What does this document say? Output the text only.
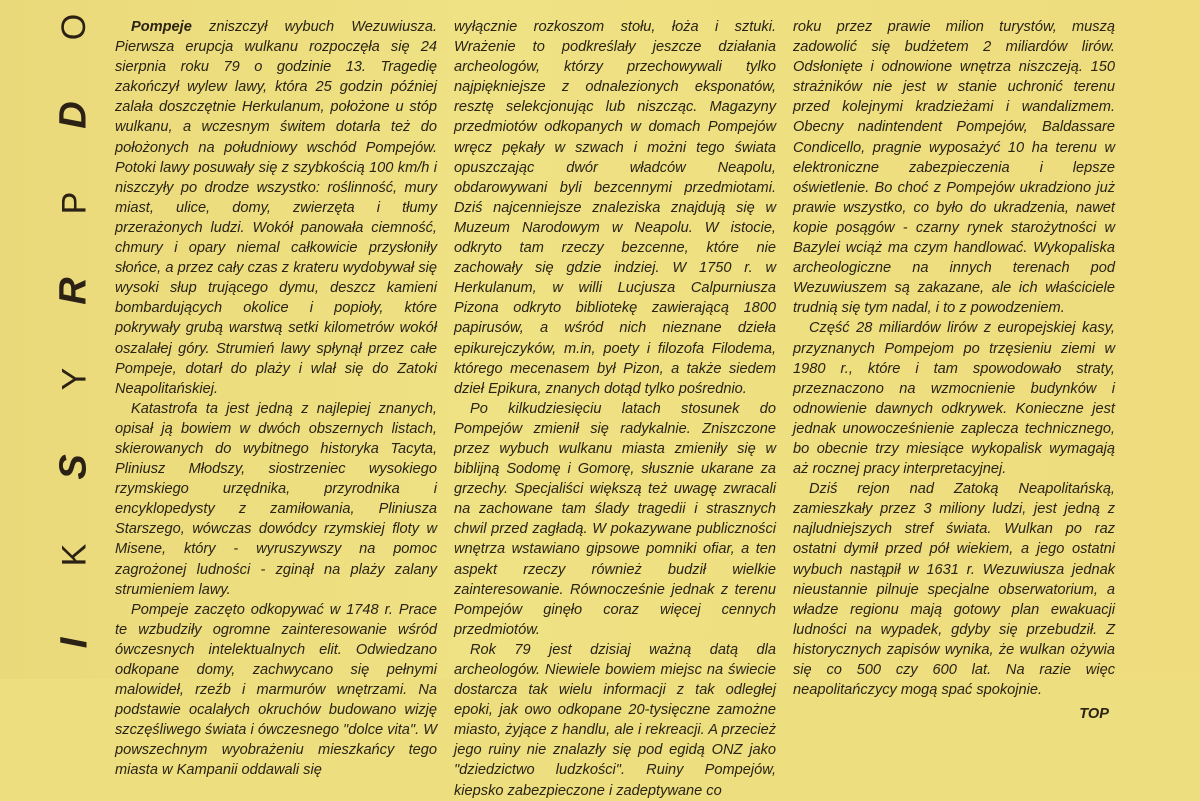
O
D
P
R
Y
S
K
I

Pompeje zniszczył wybuch Wezuwiusza. Pierwsza erupcja wulkanu rozpoczęła się 24 sierpnia roku 79 o godzinie 13. Tragedię zakończył wylew lawy, która 25 godzin później zalała doszczętnie Herkulanum, położone u stóp wulkanu, a wczesnym świtem dotarła też do położonych na południowy wschód Pompejów. Potoki lawy posuwały się z szybkością 100 km/h i niszczyły po drodze wszystko: roślinność, mury miast, ulice, domy, zwierzęta i tłumy przerażonych ludzi. Wokół panowała ciemność, chmury i opary niemal całkowicie przysłoniły słońce, a przez cały czas z krateru wydobywał się wysoki słup trującego dymu, deszcz kamieni bombardujących okolice i popioły, które pokrywały grubą warstwą setki kilometrów wokół oszalałej góry. Strumień lawy spłynął przez całe Pompeje, dotarł do plaży i wlał się do Zatoki Neapolitańskiej.

Katastrofa ta jest jedną z najlepiej znanych, opisał ją bowiem w dwóch obszernych listach, skierowanych do wybitnego historyka Tacyta, Pliniusz Młodszy, siostrzeniec wysokiego rzymskiego urzędnika, przyrodnika i encyklopedysty z zamiłowania, Pliniusza Starszego, wówczas dowódcy rzymskiej floty w Misene, który - wyruszywszy na pomoc zagrożonej ludności - zginął na plaży zalany strumieniem lawy.

Pompeje zaczęto odkopywać w 1748 r. Prace te wzbudziły ogromne zainteresowanie wśród ówczesnych intelektualnych elit. Odwiedzano odkopane domy, zachwycano się pełnymi malowideł, rzeźb i marmurów wnętrzami. Na podstawie ocalałych okruchów budowano wizję szczęśliwego świata i ówczesnego "dolce vita". W powszechnym wyobrażeniu mieszkańcy tego miasta w Kampanii oddawali się

wyłącznie rozkoszom stołu, łoża i sztuki. Wrażenie to podkreślały jeszcze działania archeologów, którzy przechowywali tylko najpiękniejsze z odnalezionych eksponatów, resztę selekcjonując lub niszcząc. Magazyny przedmiotów odkopanych w domach Pompejów wręcz pękały w szwach i możni tego świata opuszczając dwór władców Neapolu, obdarowywani byli bezcennymi przedmiotami. Dziś najcenniejsze znaleziska znajdują się w Muzeum Narodowym w Neapolu. W istocie, odkryto tam rzeczy bezcenne, które nie zachowały się gdzie indziej. W 1750 r. w Herkulanum, w willi Lucjusza Calpurniusza Pizona odkryto bibliotekę zawierającą 1800 papirusów, a wśród nich nieznane dzieła epikurejczyków, m.in, poety i filozofa Filodema, którego mecenasem był Pizon, a także siedem dzieł Epikura, znanych dotąd tylko pośrednio.

Po kilkudziesięciu latach stosunek do Pompejów zmienił się radykalnie. Zniszczone przez wybuch wulkanu miasta zmieniły się w biblijną Sodomę i Gomorę, słusznie ukarane za grzechy. Specjaliści większą też uwagę zwracali na zachowane tam ślady tragedii i strasznych chwil przed zagładą. W pokazywane publiczności wnętrza wstawiano gipsowe pomniki ofiar, a ten aspekt rzeczy również budził wielkie zainteresowanie. Równocześnie jednak z terenu Pompejów ginęło coraz więcej cennych przedmiotów.

Rok 79 jest dzisiaj ważną datą dla archeologów. Niewiele bowiem miejsc na świecie dostarcza tak wielu informacji z tak odległej epoki, jak owo odkopane 20-tysięczne zamożne miasto, żyjące z handlu, ale i rekreacji. A przecież jego ruiny nie znalazły się pod egidą ONZ jako "dziedzictwo ludzkości". Ruiny Pompejów, kiepsko zabezpieczone i zadeptywane co

roku przez prawie milion turystów, muszą zadowolić się budżetem 2 miliardów lirów. Odsłonięte i odnowione wnętrza niszczeją. 150 strażników nie jest w stanie uchronić terenu przed kolejnymi kradzieżami i wandalizmem. Obecny nadintendent Pompejów, Baldassare Condicello, pragnie wyposażyć 10 ha terenu w elektroniczne zabezpieczenia i lepsze oświetlenie. Bo choć z Pompejów ukradziono już prawie wszystko, co było do ukradzenia, nawet kopie posągów - czarny rynek starożytności w Bazylei wciąż ma czym handlować. Wykopaliska archeologiczne na innych terenach pod Wezuwiuszem są zakazane, ale ich właściciele trudnią się tym nadal, i to z powodzeniem.

Część 28 miliardów lirów z europejskiej kasy, przyznanych Pompejom po trzęsieniu ziemi w 1980 r., które i tam spowodowało straty, przeznaczono na wzmocnienie budynków i odnowienie dawnych odkrywek. Konieczne jest jednak unowocześnienie zaplecza technicznego, bo obecnie trzy miesiące wykopalisk wymagają aż rocznej pracy interpretacyjnej.

Dziś rejon nad Zatoką Neapolitańską, zamieszkały przez 3 miliony ludzi, jest jedną z najludniejszych stref świata. Wulkan po raz ostatni dymił przed pół wiekiem, a jego ostatni wybuch nastąpił w 1631 r. Wezuwiusza jednak nieustannie pilnuje specjalne obserwatorium, a władze regionu mają gotowy plan ewakuacji ludności na wypadek, gdyby się przebudził. Z historycznych zapisów wynika, że wulkan ożywia się co 500 czy 600 lat. Na razie więc neapolitańczycy mogą spać spokojnie.

TOP
